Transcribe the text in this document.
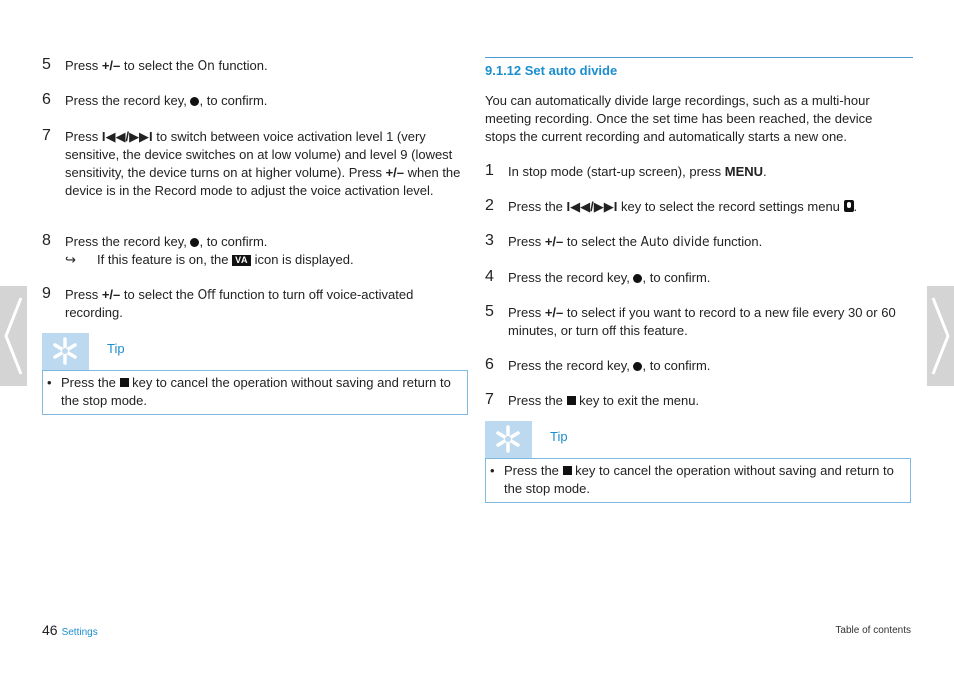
5 Press +/– to select the On function.
6 Press the record key, , to confirm.
7 Press I◀◀/▶▶I to switch between voice activation level 1 (very sensitive, the device switches on at low volume) and level 9 (lowest sensitivity, the device turns on at higher volume). Press +/– when the device is in the Record mode to adjust the voice activation level.
8 Press the record key, , to confirm.
↪ If this feature is on, the VA icon is displayed.
9 Press +/– to select the Off function to turn off voice-activated recording.
Tip
• Press the  key to cancel the operation without saving and return to the stop mode.
9.1.12 Set auto divide
You can automatically divide large recordings, such as a multi-hour meeting recording. Once the set time has been reached, the device stops the current recording and automatically starts a new one.
1 In stop mode (start-up screen), press MENU.
2 Press the I◀◀/▶▶I key to select the record settings menu .
3 Press +/– to select the Auto divide function.
4 Press the record key, , to confirm.
5 Press +/– to select if you want to record to a new file every 30 or 60 minutes, or turn off this feature.
6 Press the record key, , to confirm.
7 Press the  key to exit the menu.
Tip
• Press the  key to cancel the operation without saving and return to the stop mode.
46 Settings	Table of contents
